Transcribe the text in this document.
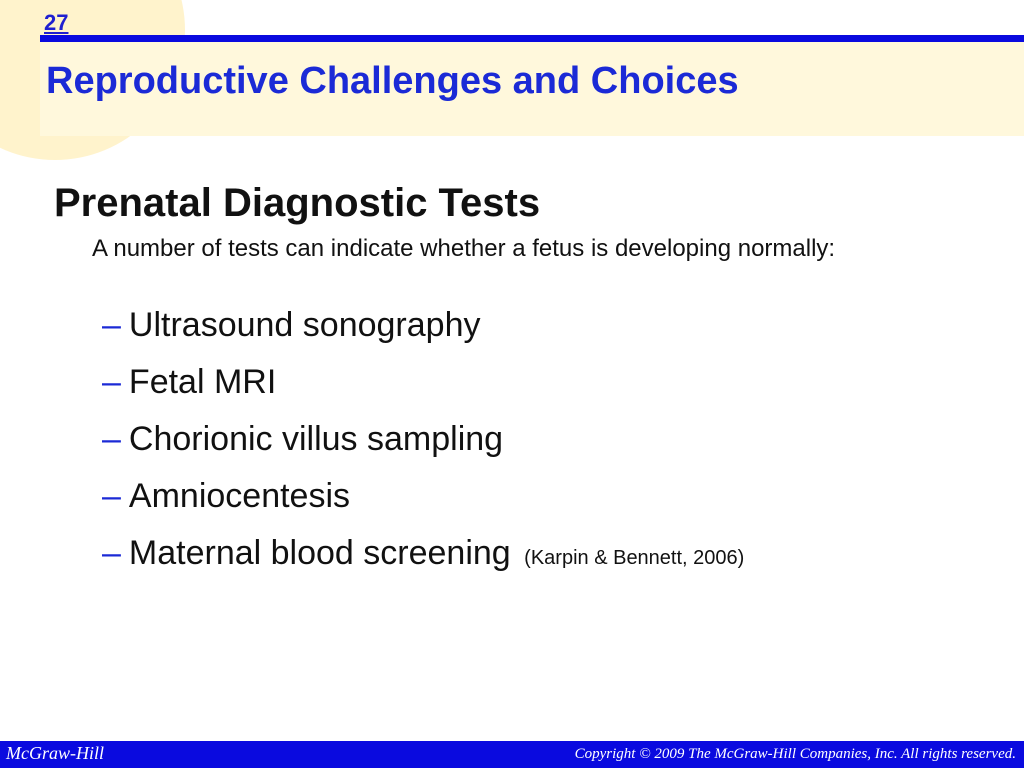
27
Reproductive Challenges and Choices
Prenatal Diagnostic Tests
A number of tests can indicate whether a fetus is developing normally:
– Ultrasound sonography
– Fetal MRI
– Chorionic villus sampling
– Amniocentesis
– Maternal blood screening (Karpin & Bennett, 2006)
McGraw-Hill	Copyright © 2009 The McGraw-Hill Companies, Inc. All rights reserved.
